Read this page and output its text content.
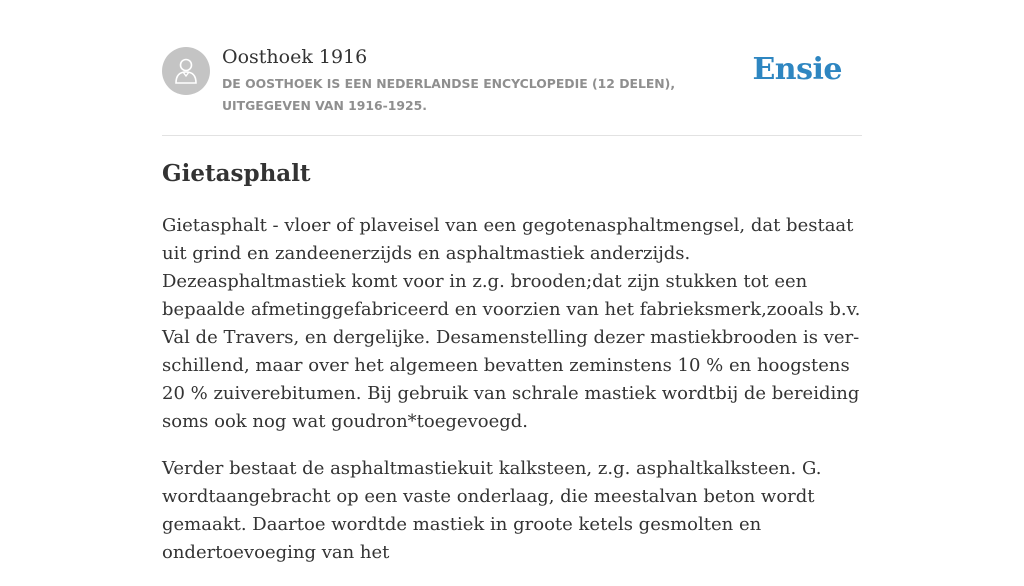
Oosthoek 1916
DE OOSTHOEK IS EEN NEDERLANDSE ENCYCLOPEDIE (12 DELEN), UITGEGEVEN VAN 1916-1925.
Ensie
Gietasphalt

Gietasphalt - vloer of plaveisel van een gegotenasphaltmengsel, dat bestaat uit grind en zandeenerzijds en asphaltmastiek anderzijds. Dezeasphaltmastiek komt voor in z.g. brooden;dat zijn stukken tot een bepaalde afmetinggefabriceerd en voorzien van het fabrieksmerk,zooals b.v. Val de Travers, en dergelijke. Desamenstelling dezer mastiekbrooden is ver-schillend, maar over het algemeen bevatten zeminstens 10 % en hoogstens 20 % zuiverebitumen. Bij gebruik van schrale mastiek wordtbij de bereiding soms ook nog wat goudron*toegevoegd.

Verder bestaat de asphaltmastiekuit kalksteen, z.g. asphaltkalksteen. G. wordtaangebracht op een vaste onderlaag, die meestalvan beton wordt gemaakt. Daartoe wordtde mastiek in groote ketels gesmolten en ondertoevoeging van het
